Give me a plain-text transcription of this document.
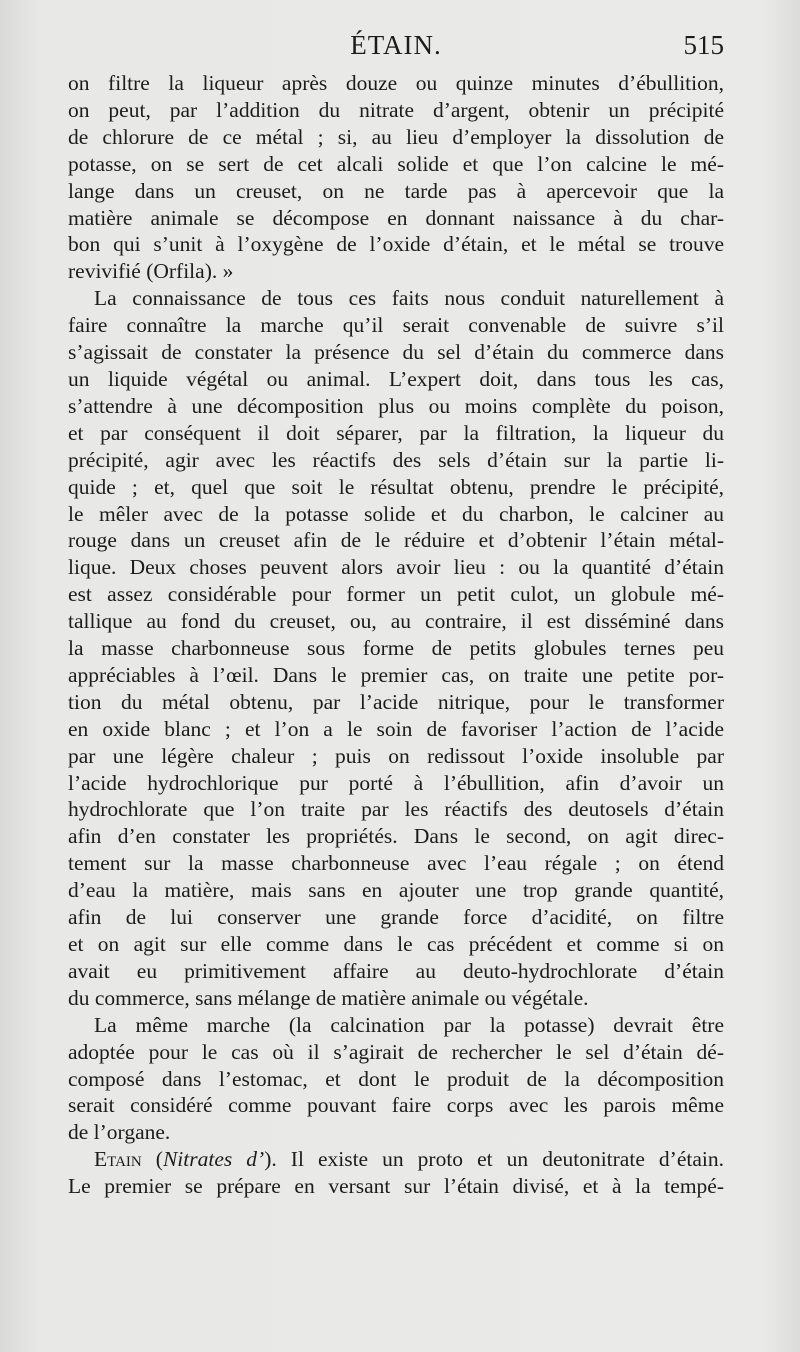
ÉTAIN.	515
on filtre la liqueur après douze ou quinze minutes d’ébullition,
on peut, par l’addition du nitrate d’argent, obtenir un précipité
de chlorure de ce métal ; si, au lieu d’employer la dissolution de
potasse, on se sert de cet alcali solide et que l’on calcine le mé-
lange dans un creuset, on ne tarde pas à apercevoir que la
matière animale se décompose en donnant naissance à du char-
bon qui s’unit à l’oxygène de l’oxide d’étain, et le métal se trouve
revivifié (Orfila). »
La connaissance de tous ces faits nous conduit naturellement à
faire connaître la marche qu’il serait convenable de suivre s’il
s’agissait de constater la présence du sel d’étain du commerce dans
un liquide végétal ou animal. L’expert doit, dans tous les cas,
s’attendre à une décomposition plus ou moins complète du poison,
et par conséquent il doit séparer, par la filtration, la liqueur du
précipité, agir avec les réactifs des sels d’étain sur la partie li-
quide ; et, quel que soit le résultat obtenu, prendre le précipité,
le mêler avec de la potasse solide et du charbon, le calciner au
rouge dans un creuset afin de le réduire et d’obtenir l’étain métal-
lique. Deux choses peuvent alors avoir lieu : ou la quantité d’étain
est assez considérable pour former un petit culot, un globule mé-
tallique au fond du creuset, ou, au contraire, il est disséminé dans
la masse charbonneuse sous forme de petits globules ternes peu
appréciables à l’œil. Dans le premier cas, on traite une petite por-
tion du métal obtenu, par l’acide nitrique, pour le transformer
en oxide blanc ; et l’on a le soin de favoriser l’action de l’acide
par une légère chaleur ; puis on redissout l’oxide insoluble par
l’acide hydrochlorique pur porté à l’ébullition, afin d’avoir un
hydrochlorate que l’on traite par les réactifs des deutosels d’étain
afin d’en constater les propriétés. Dans le second, on agit direc-
tement sur la masse charbonneuse avec l’eau régale ; on étend
d’eau la matière, mais sans en ajouter une trop grande quantité,
afin de lui conserver une grande force d’acidité, on filtre
et on agit sur elle comme dans le cas précédent et comme si on
avait eu primitivement affaire au deuto-hydrochlorate d’étain
du commerce, sans mélange de matière animale ou végétale.
La même marche (la calcination par la potasse) devrait être
adoptée pour le cas où il s’agirait de rechercher le sel d’étain dé-
composé dans l’estomac, et dont le produit de la décomposition
serait considéré comme pouvant faire corps avec les parois même
de l’organe.
Etain (Nitrates d’). Il existe un proto et un deutonitrate d’étain.
Le premier se prépare en versant sur l’étain divisé, et à la tempé-
